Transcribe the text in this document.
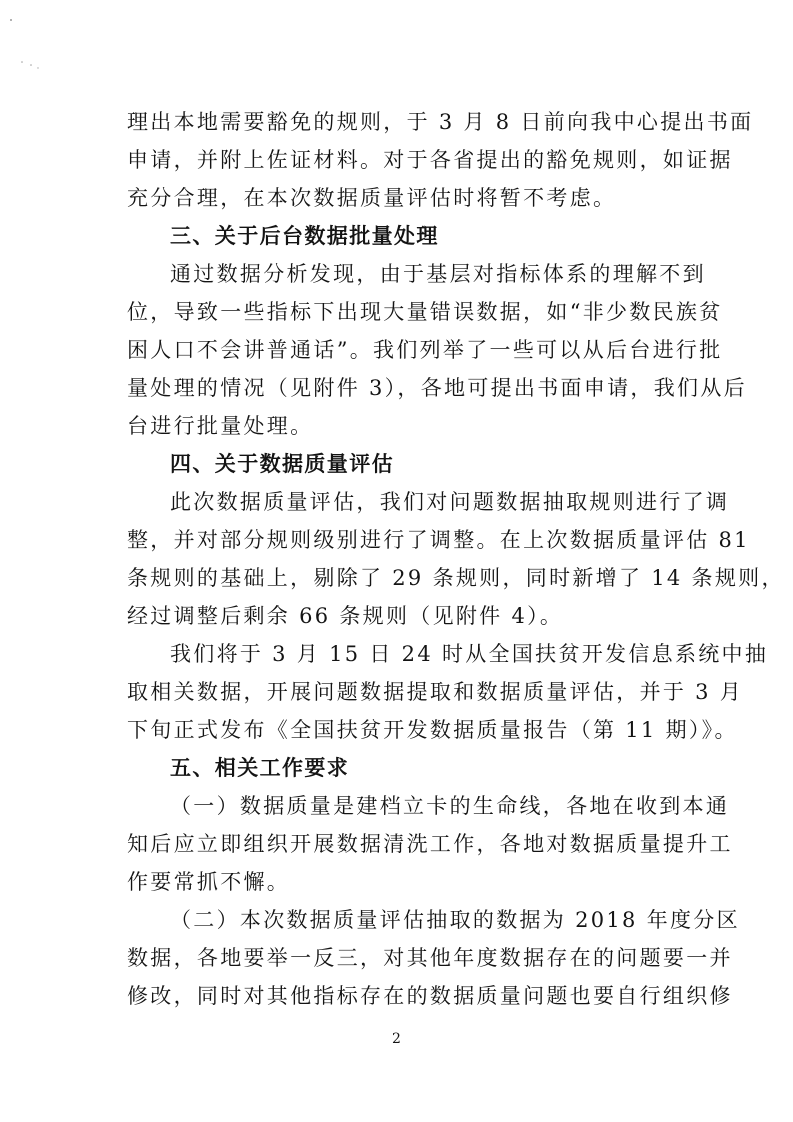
理出本地需要豁免的规则，于 3 月 8 日前向我中心提出书面
申请，并附上佐证材料。对于各省提出的豁免规则，如证据
充分合理，在本次数据质量评估时将暂不考虑。
三、关于后台数据批量处理
通过数据分析发现，由于基层对指标体系的理解不到
位，导致一些指标下出现大量错误数据，如“非少数民族贫
困人口不会讲普通话”。我们列举了一些可以从后台进行批
量处理的情况（见附件 3），各地可提出书面申请，我们从后
台进行批量处理。
四、关于数据质量评估
此次数据质量评估，我们对问题数据抽取规则进行了调
整，并对部分规则级别进行了调整。在上次数据质量评估 81
条规则的基础上，剔除了 29 条规则，同时新增了 14 条规则，
经过调整后剩余 66 条规则（见附件 4）。
我们将于 3 月 15 日 24 时从全国扶贫开发信息系统中抽
取相关数据，开展问题数据提取和数据质量评估，并于 3 月
下旬正式发布《全国扶贫开发数据质量报告（第 11 期）》。
五、相关工作要求
（一）数据质量是建档立卡的生命线，各地在收到本通
知后应立即组织开展数据清洗工作，各地对数据质量提升工
作要常抓不懈。
（二）本次数据质量评估抽取的数据为 2018 年度分区
数据，各地要举一反三，对其他年度数据存在的问题要一并
修改，同时对其他指标存在的数据质量问题也要自行组织修
2
